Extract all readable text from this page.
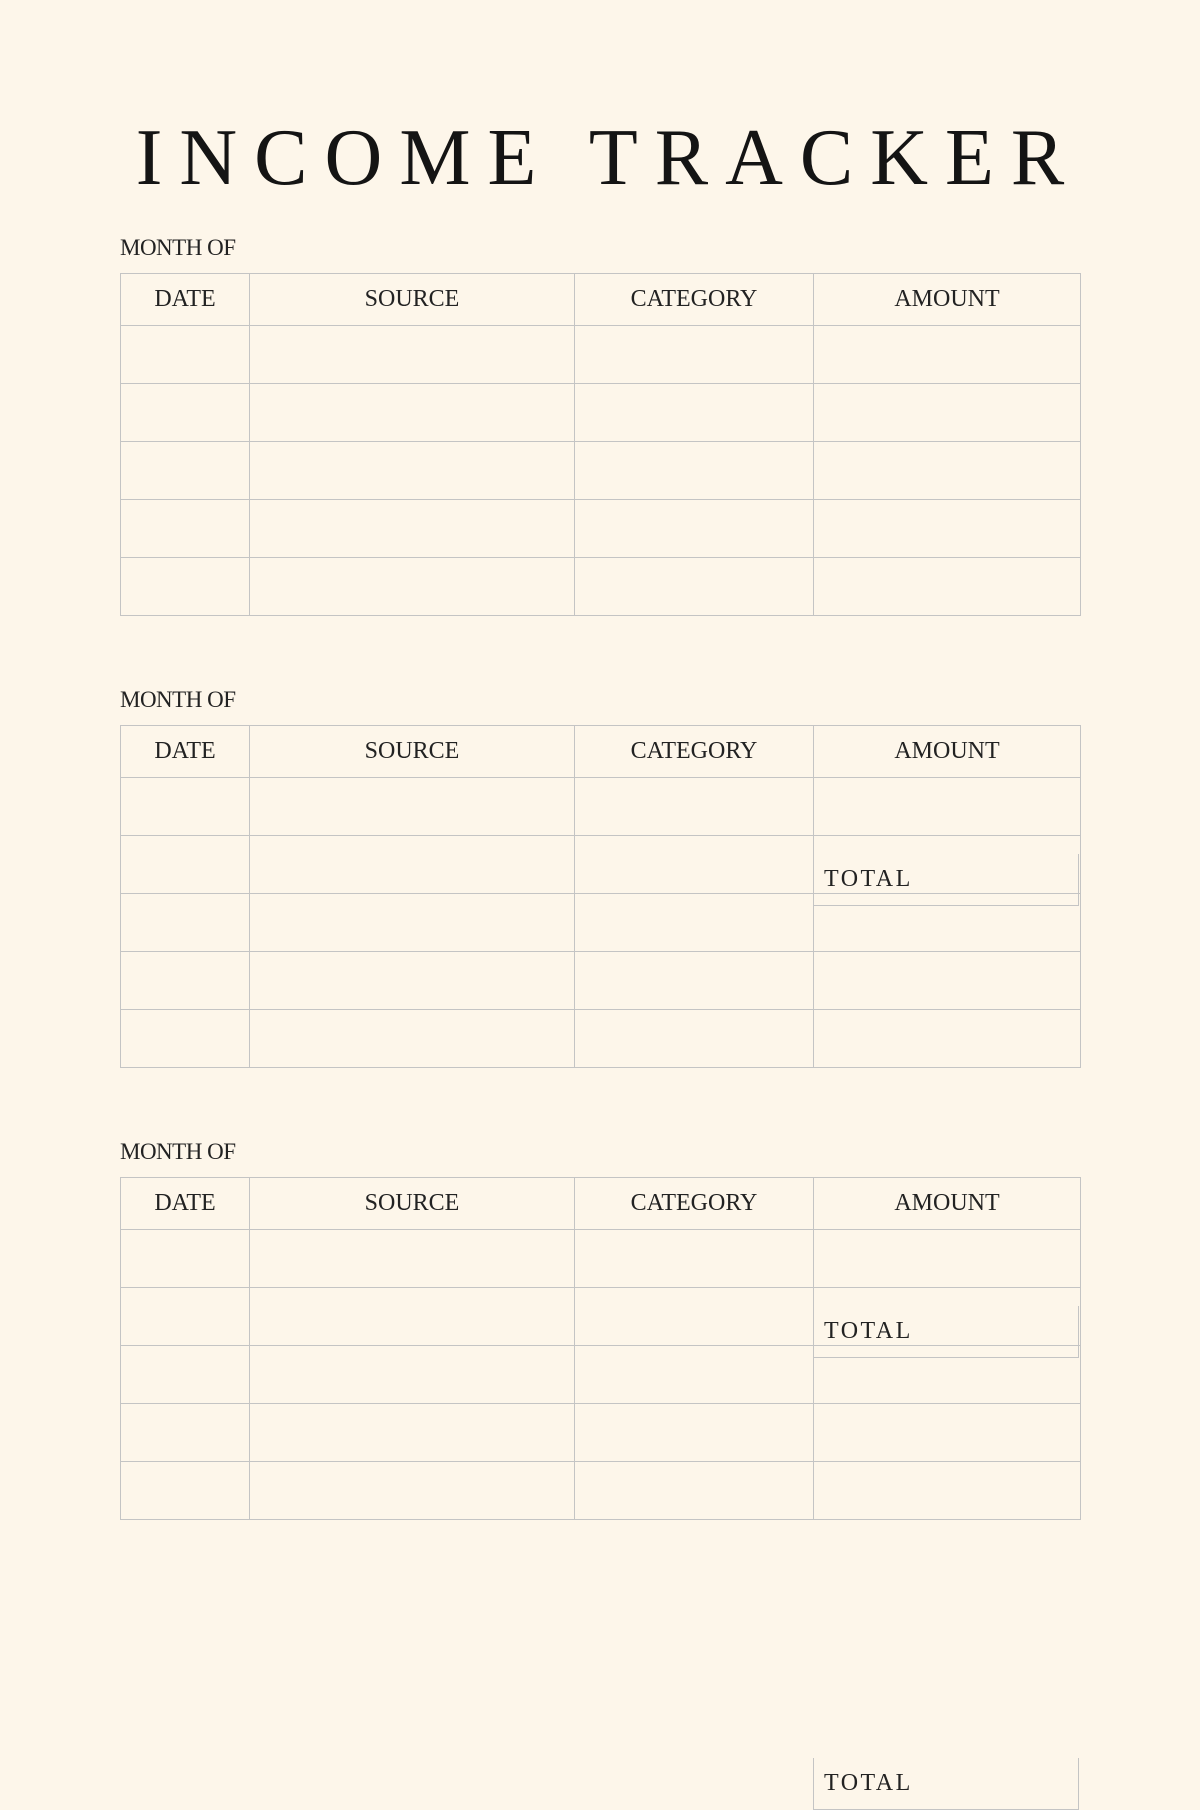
INCOME TRACKER
MONTH OF
DATE	SOURCE	CATEGORY	AMOUNT

TOTAL
MONTH OF
DATE	SOURCE	CATEGORY	AMOUNT

TOTAL
MONTH OF
DATE	SOURCE	CATEGORY	AMOUNT

TOTAL
